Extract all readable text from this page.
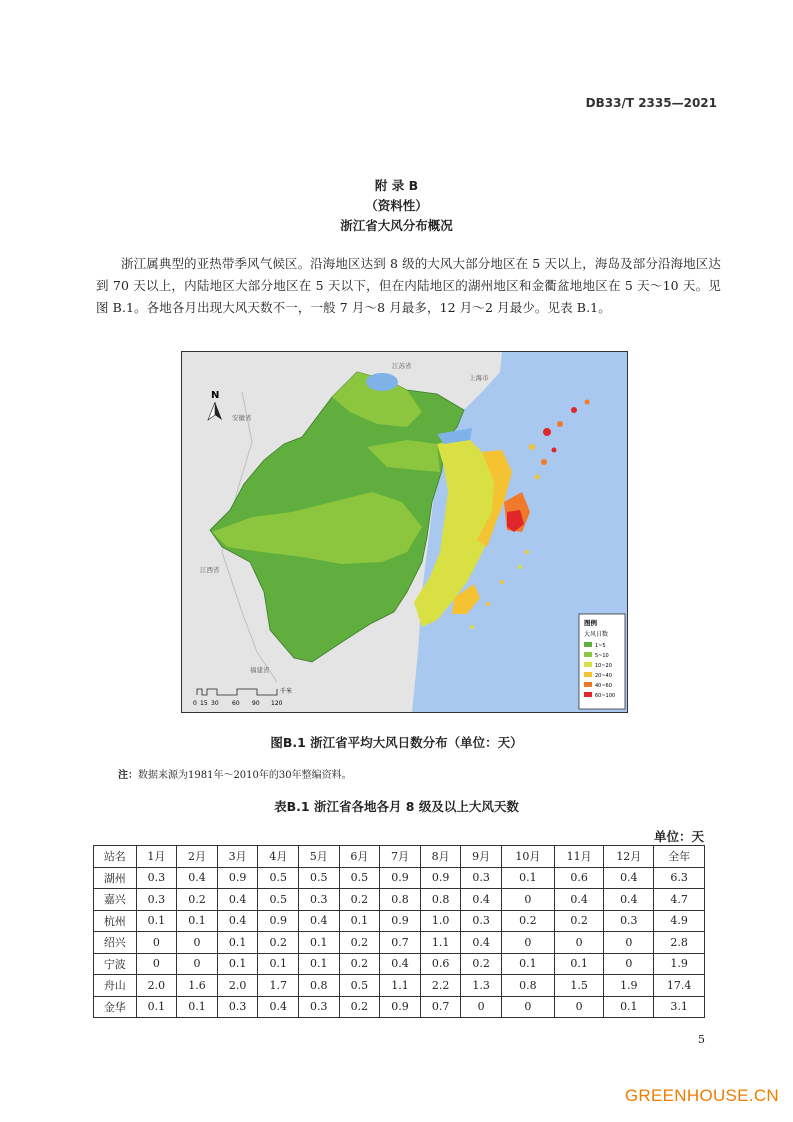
DB33/T 2335—2021
附 录 B
（资料性）
浙江省大风分布概况

浙江属典型的亚热带季风气候区。沿海地区达到 8 级的大风大部分地区在 5 天以上，海岛及部分沿海地区达到 70 天以上，内陆地区大部分地区在 5 天以下，但在内陆地区的湖州地区和金衢盆地地区在 5 天～10 天。见图 B.1。各地各月出现大风天数不一，一般 7 月～8 月最多，12 月～2 月最少。见表 B.1。

江苏省
上海市
安徽省
江西省
福建省
N
0 15 30 60 90 120
千米
图例
大风日数
1~5
5~10
10~20
20~40
40~60
60~100
图B.1 浙江省平均大风日数分布（单位：天）
注：数据来源为1981年～2010年的30年整编资料。
表B.1 浙江省各地各月 8 级及以上大风天数
单位：天
站名	1月	2月	3月	4月	5月	6月	7月	8月	9月	10月	11月	12月	全年
湖州	0.3	0.4	0.9	0.5	0.5	0.5	0.9	0.9	0.3	0.1	0.6	0.4	6.3
嘉兴	0.3	0.2	0.4	0.5	0.3	0.2	0.8	0.8	0.4	0	0.4	0.4	4.7
杭州	0.1	0.1	0.4	0.9	0.4	0.1	0.9	1.0	0.3	0.2	0.2	0.3	4.9
绍兴	0	0	0.1	0.2	0.1	0.2	0.7	1.1	0.4	0	0	0	2.8
宁波	0	0	0.1	0.1	0.1	0.2	0.4	0.6	0.2	0.1	0.1	0	1.9
舟山	2.0	1.6	2.0	1.7	0.8	0.5	1.1	2.2	1.3	0.8	1.5	1.9	17.4
金华	0.1	0.1	0.3	0.4	0.3	0.2	0.9	0.7	0	0	0	0.1	3.1
5
GREENHOUSE.CN
